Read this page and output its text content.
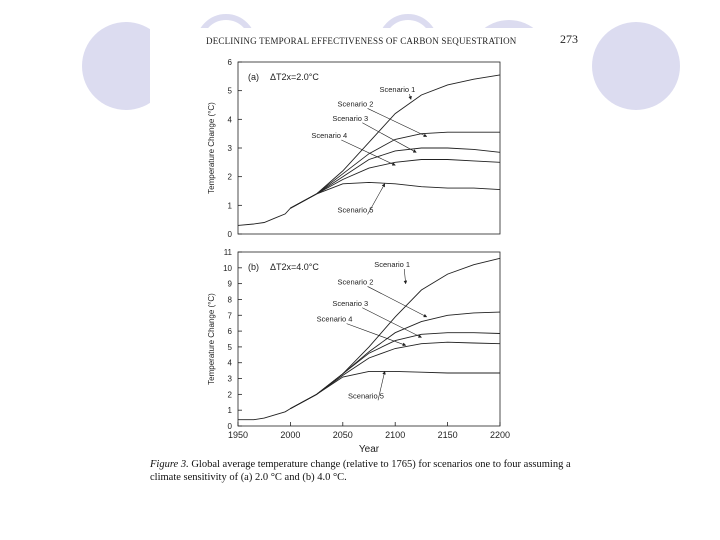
DECLINING TEMPORAL EFFECTIVENESS OF CARBON SEQUESTRATION	273
0
1
2
3
4
5
6
Temperature Change (°C)
(a) ΔT2x=2.0°C
Scenario 1
Scenario 2
Scenario 3
Scenario 4
Scenario 5
0
1
2
3
4
5
6
7
8
9
10
11
1950	2000	2050	2100	2150	2200
Temperature Change (°C)
Year
(b) ΔT2x=4.0°C	Scenario 1
Scenario 2
Scenario 3
Scenario 4
Scenario 5
Figure 3. Global average temperature change (relative to 1765) for scenarios one to four assuming a climate sensitivity of (a) 2.0 °C and (b) 4.0 °C.
